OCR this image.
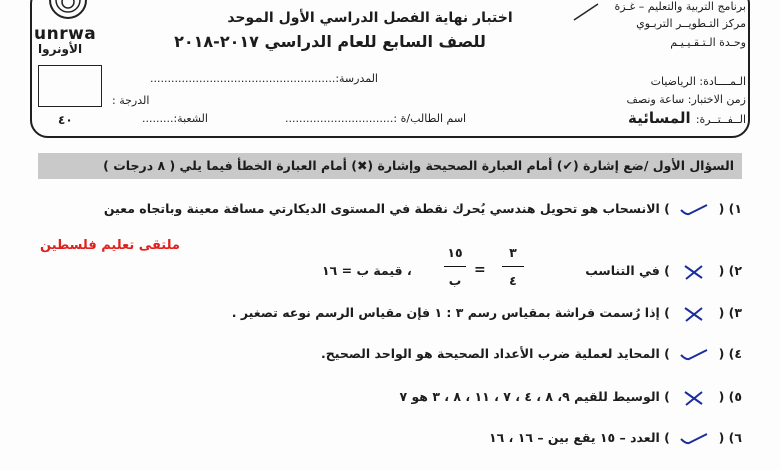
unrwa
الأونروا
اختبار نهاية الفصل الدراسي الأول الموحد
للصف السابع للعام الدراسي ٢٠١٧-٢٠١٨
برنامج التربية والتعليم – غـزة
مركز التـطويــر التربـوي
وحـدة الـتـقـيـيـم
الدرجة :
٤٠
المدرسة:.....................................................
اسم الطالب/ة :...............................
الشعبة:.........
الـمــــادة: الرياضيات
زمن الاختبار: ساعة ونصف
الــفــتــرة: المسائية
السؤال الأول /ضع إشارة (✔) أمام العبارة الصحيحة وإشارة (✖) أمام العبارة الخطأ فيما يلي ( ٨ درجات )
ملتقى تعليم فلسطين
١) (  ) الانسحاب هو تحويل هندسي يُحرك نقطة في المستوى الديكارتي مسافة معينة وباتجاه معين
٢) (  ) في التناسب
٣
٤
=
١٥
ب
، قيمة ب = ١٦
٣) (  ) إذا رُسمت فراشة بمقياس رسم ٣ : ١ فإن مقياس الرسم نوعه تصغير .
٤) (  ) المحايد لعملية ضرب الأعداد الصحيحة هو الواحد الصحيح.
٥) (  ) الوسيط للقيم ٩، ٨ ، ٤ ، ٧ ، ١١ ، ٨ ، ٣ هو ٧
٦) (  ) العدد – ١٥ يقع بين – ١٦ ، ١٦
